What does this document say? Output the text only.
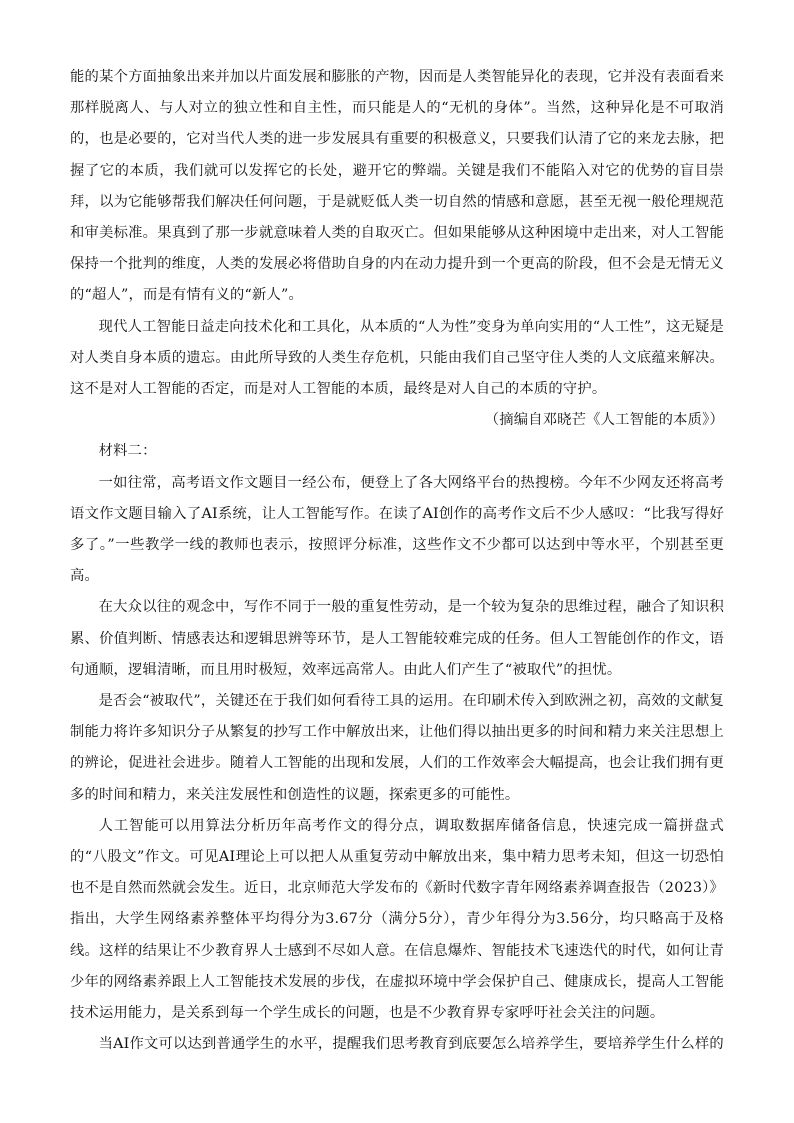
能的某个方面抽象出来并加以片面发展和膨胀的产物，因而是人类智能异化的表现，它并没有表面看来那样脱离人、与人对立的独立性和自主性，而只能是人的“无机的身体”。当然，这种异化是不可取消的，也是必要的，它对当代人类的进一步发展具有重要的积极意义，只要我们认清了它的来龙去脉，把握了它的本质，我们就可以发挥它的长处，避开它的弊端。关键是我们不能陷入对它的优势的盲目崇拜，以为它能够帮我们解决任何问题，于是就贬低人类一切自然的情感和意愿，甚至无视一般伦理规范和审美标准。果真到了那一步就意味着人类的自取灭亡。但如果能够从这种困境中走出来，对人工智能保持一个批判的维度，人类的发展必将借助自身的内在动力提升到一个更高的阶段，但不会是无情无义的“超人”，而是有情有义的“新人”。

现代人工智能日益走向技术化和工具化，从本质的“人为性”变身为单向实用的“人工性”，这无疑是对人类自身本质的遗忘。由此所导致的人类生存危机，只能由我们自己坚守住人类的人文底蕴来解决。这不是对人工智能的否定，而是对人工智能的本质，最终是对人自己的本质的守护。

（摘编自邓晓芒《人工智能的本质》）

材料二：

一如往常，高考语文作文题目一经公布，便登上了各大网络平台的热搜榜。今年不少网友还将高考语文作文题目输入了AI系统，让人工智能写作。在读了AI创作的高考作文后不少人感叹：“比我写得好多了。”一些教学一线的教师也表示，按照评分标准，这些作文不少都可以达到中等水平，个别甚至更高。

在大众以往的观念中，写作不同于一般的重复性劳动，是一个较为复杂的思维过程，融合了知识积累、价值判断、情感表达和逻辑思辨等环节，是人工智能较难完成的任务。但人工智能创作的作文，语句通顺，逻辑清晰，而且用时极短，效率远高常人。由此人们产生了“被取代”的担忧。

是否会“被取代”，关键还在于我们如何看待工具的运用。在印刷术传入到欧洲之初，高效的文献复制能力将许多知识分子从繁复的抄写工作中解放出来，让他们得以抽出更多的时间和精力来关注思想上的辨论，促进社会进步。随着人工智能的出现和发展，人们的工作效率会大幅提高，也会让我们拥有更多的时间和精力，来关注发展性和创造性的议题，探索更多的可能性。

人工智能可以用算法分析历年高考作文的得分点，调取数据库储备信息，快速完成一篇拼盘式的“八股文”作文。可见AI理论上可以把人从重复劳动中解放出来，集中精力思考未知，但这一切恐怕也不是自然而然就会发生。近日，北京师范大学发布的《新时代数字青年网络素养调查报告（2023）》指出，大学生网络素养整体平均得分为3.67分（满分5分），青少年得分为3.56分，均只略高于及格线。这样的结果让不少教育界人士感到不尽如人意。在信息爆炸、智能技术飞速迭代的时代，如何让青少年的网络素养跟上人工智能技术发展的步伐，在虚拟环境中学会保护自己、健康成长，提高人工智能技术运用能力，是关系到每一个学生成长的问题，也是不少教育界专家呼吁社会关注的问题。

当AI作文可以达到普通学生的水平，提醒我们思考教育到底要怎么培养学生，要培养学生什么样的
